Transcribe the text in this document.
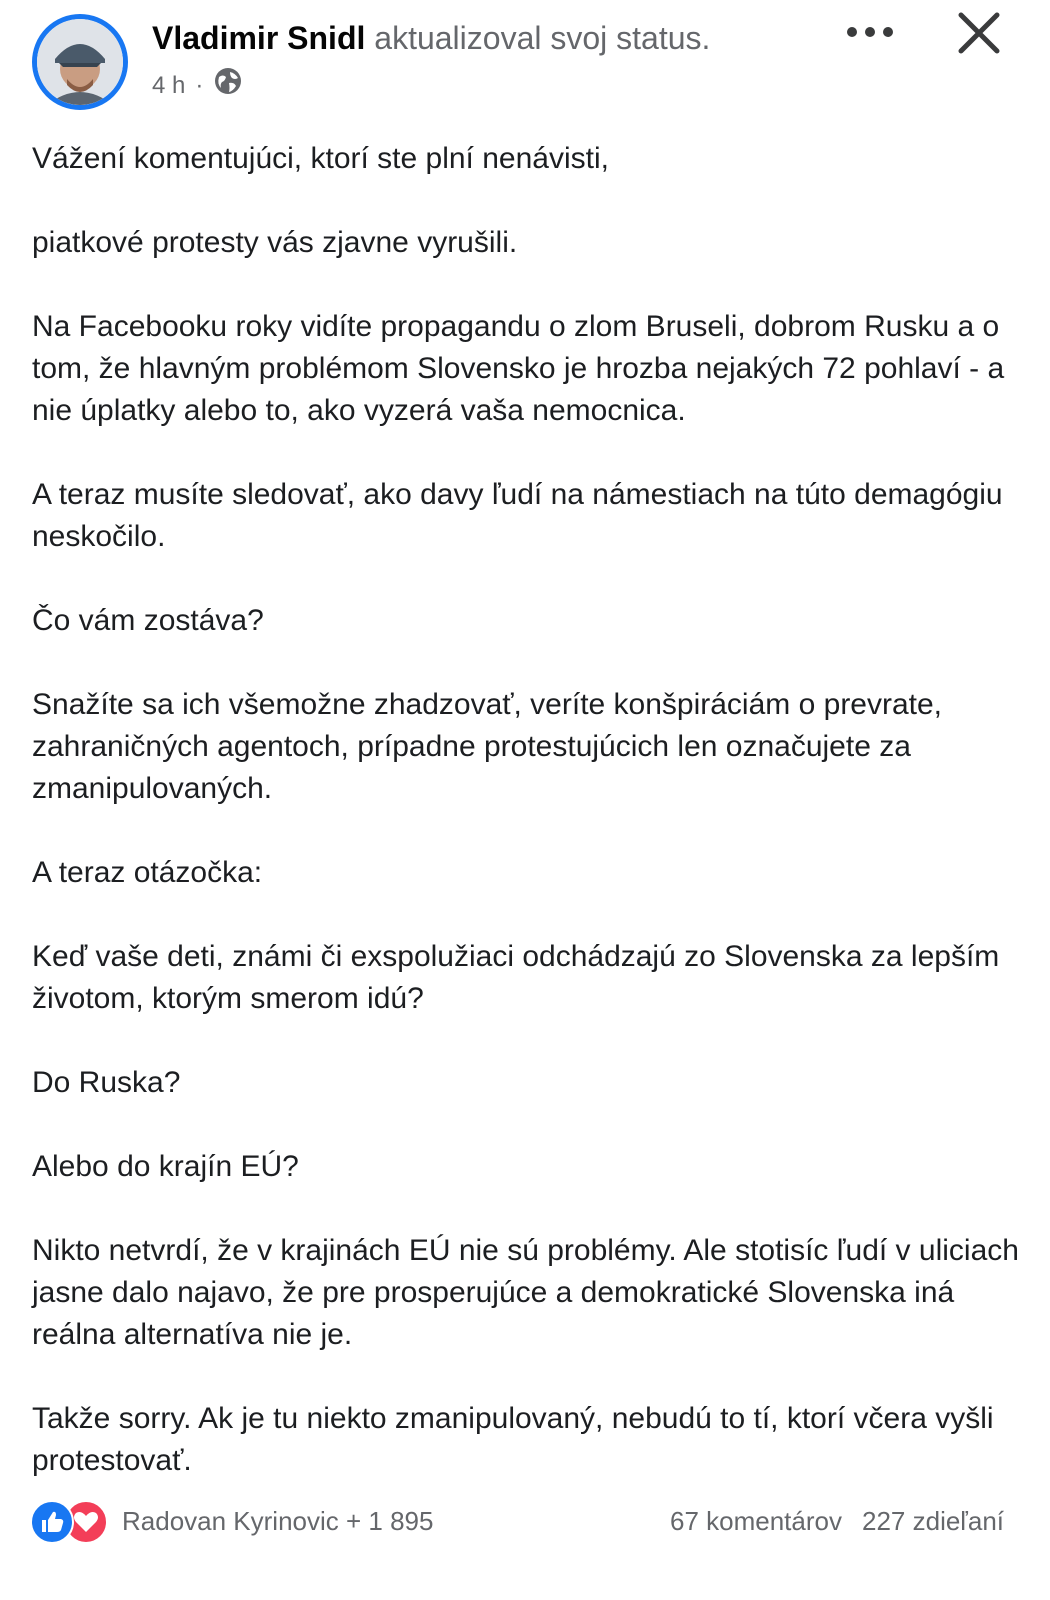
Vladimir Snidl aktualizoval svoj status.
4 h ·

Vážení komentujúci, ktorí ste plní nenávisti,

piatkové protesty vás zjavne vyrušili.

Na Facebooku roky vidíte propagandu o zlom Bruseli, dobrom Rusku a o tom, že hlavným problémom Slovensko je hrozba nejakých 72 pohlaví - a nie úplatky alebo to, ako vyzerá vaša nemocnica.

A teraz musíte sledovať, ako davy ľudí na námestiach na túto demagógiu neskočilo.

Čo vám zostáva?

Snažíte sa ich všemožne zhadzovať, veríte konšpiráciám o prevrate, zahraničných agentoch, prípadne protestujúcich len označujete za zmanipulovaných.

A teraz otázočka:

Keď vaše deti, známi či exspolužiaci odchádzajú zo Slovenska za lepším životom, ktorým smerom idú?

Do Ruska?

Alebo do krajín EÚ?

Nikto netvrdí, že v krajinách EÚ nie sú problémy. Ale stotisíc ľudí v uliciach jasne dalo najavo, že pre prosperujúce a demokratické Slovenska iná reálna alternatíva nie je.

Takže sorry. Ak je tu niekto zmanipulovaný, nebudú to tí, ktorí včera vyšli protestovať.

Radovan Kyrinovic + 1 895	67 komentárov 227 zdieľaní
